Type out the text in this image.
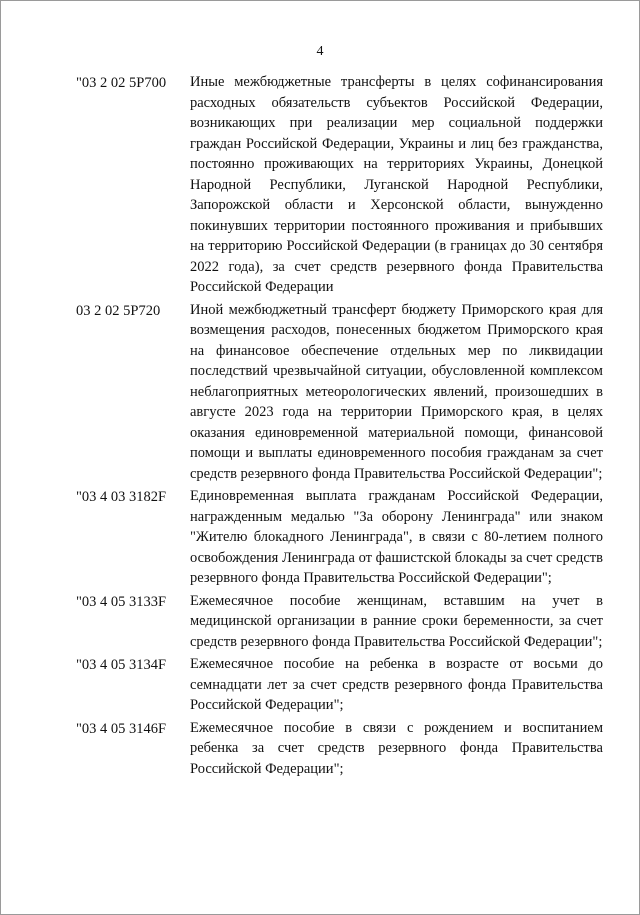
4
"03 2 02 5P700 Иные межбюджетные трансферты в целях софинансирования расходных обязательств субъектов Российской Федерации, возникающих при реализации мер социальной поддержки граждан Российской Федерации, Украины и лиц без гражданства, постоянно проживающих на территориях Украины, Донецкой Народной Республики, Луганской Народной Республики, Запорожской области и Херсонской области, вынужденно покинувших территории постоянного проживания и прибывших на территорию Российской Федерации (в границах до 30 сентября 2022 года), за счет средств резервного фонда Правительства Российской Федерации
03 2 02 5P720 Иной межбюджетный трансферт бюджету Приморского края для возмещения расходов, понесенных бюджетом Приморского края на финансовое обеспечение отдельных мер по ликвидации последствий чрезвычайной ситуации, обусловленной комплексом неблагоприятных метеорологических явлений, произошедших в августе 2023 года на территории Приморского края, в целях оказания единовременной материальной помощи, финансовой помощи и выплаты единовременного пособия гражданам за счет средств резервного фонда Правительства Российской Федерации";
"03 4 03 3182F Единовременная выплата гражданам Российской Федерации, награжденным медалью "За оборону Ленинграда" или знаком "Жителю блокадного Ленинграда", в связи с 80-летием полного освобождения Ленинграда от фашистской блокады за счет средств резервного фонда Правительства Российской Федерации";
"03 4 05 3133F Ежемесячное пособие женщинам, вставшим на учет в медицинской организации в ранние сроки беременности, за счет средств резервного фонда Правительства Российской Федерации";
"03 4 05 3134F Ежемесячное пособие на ребенка в возрасте от восьми до семнадцати лет за счет средств резервного фонда Правительства Российской Федерации";
"03 4 05 3146F Ежемесячное пособие в связи с рождением и воспитанием ребенка за счет средств резервного фонда Правительства Российской Федерации";
